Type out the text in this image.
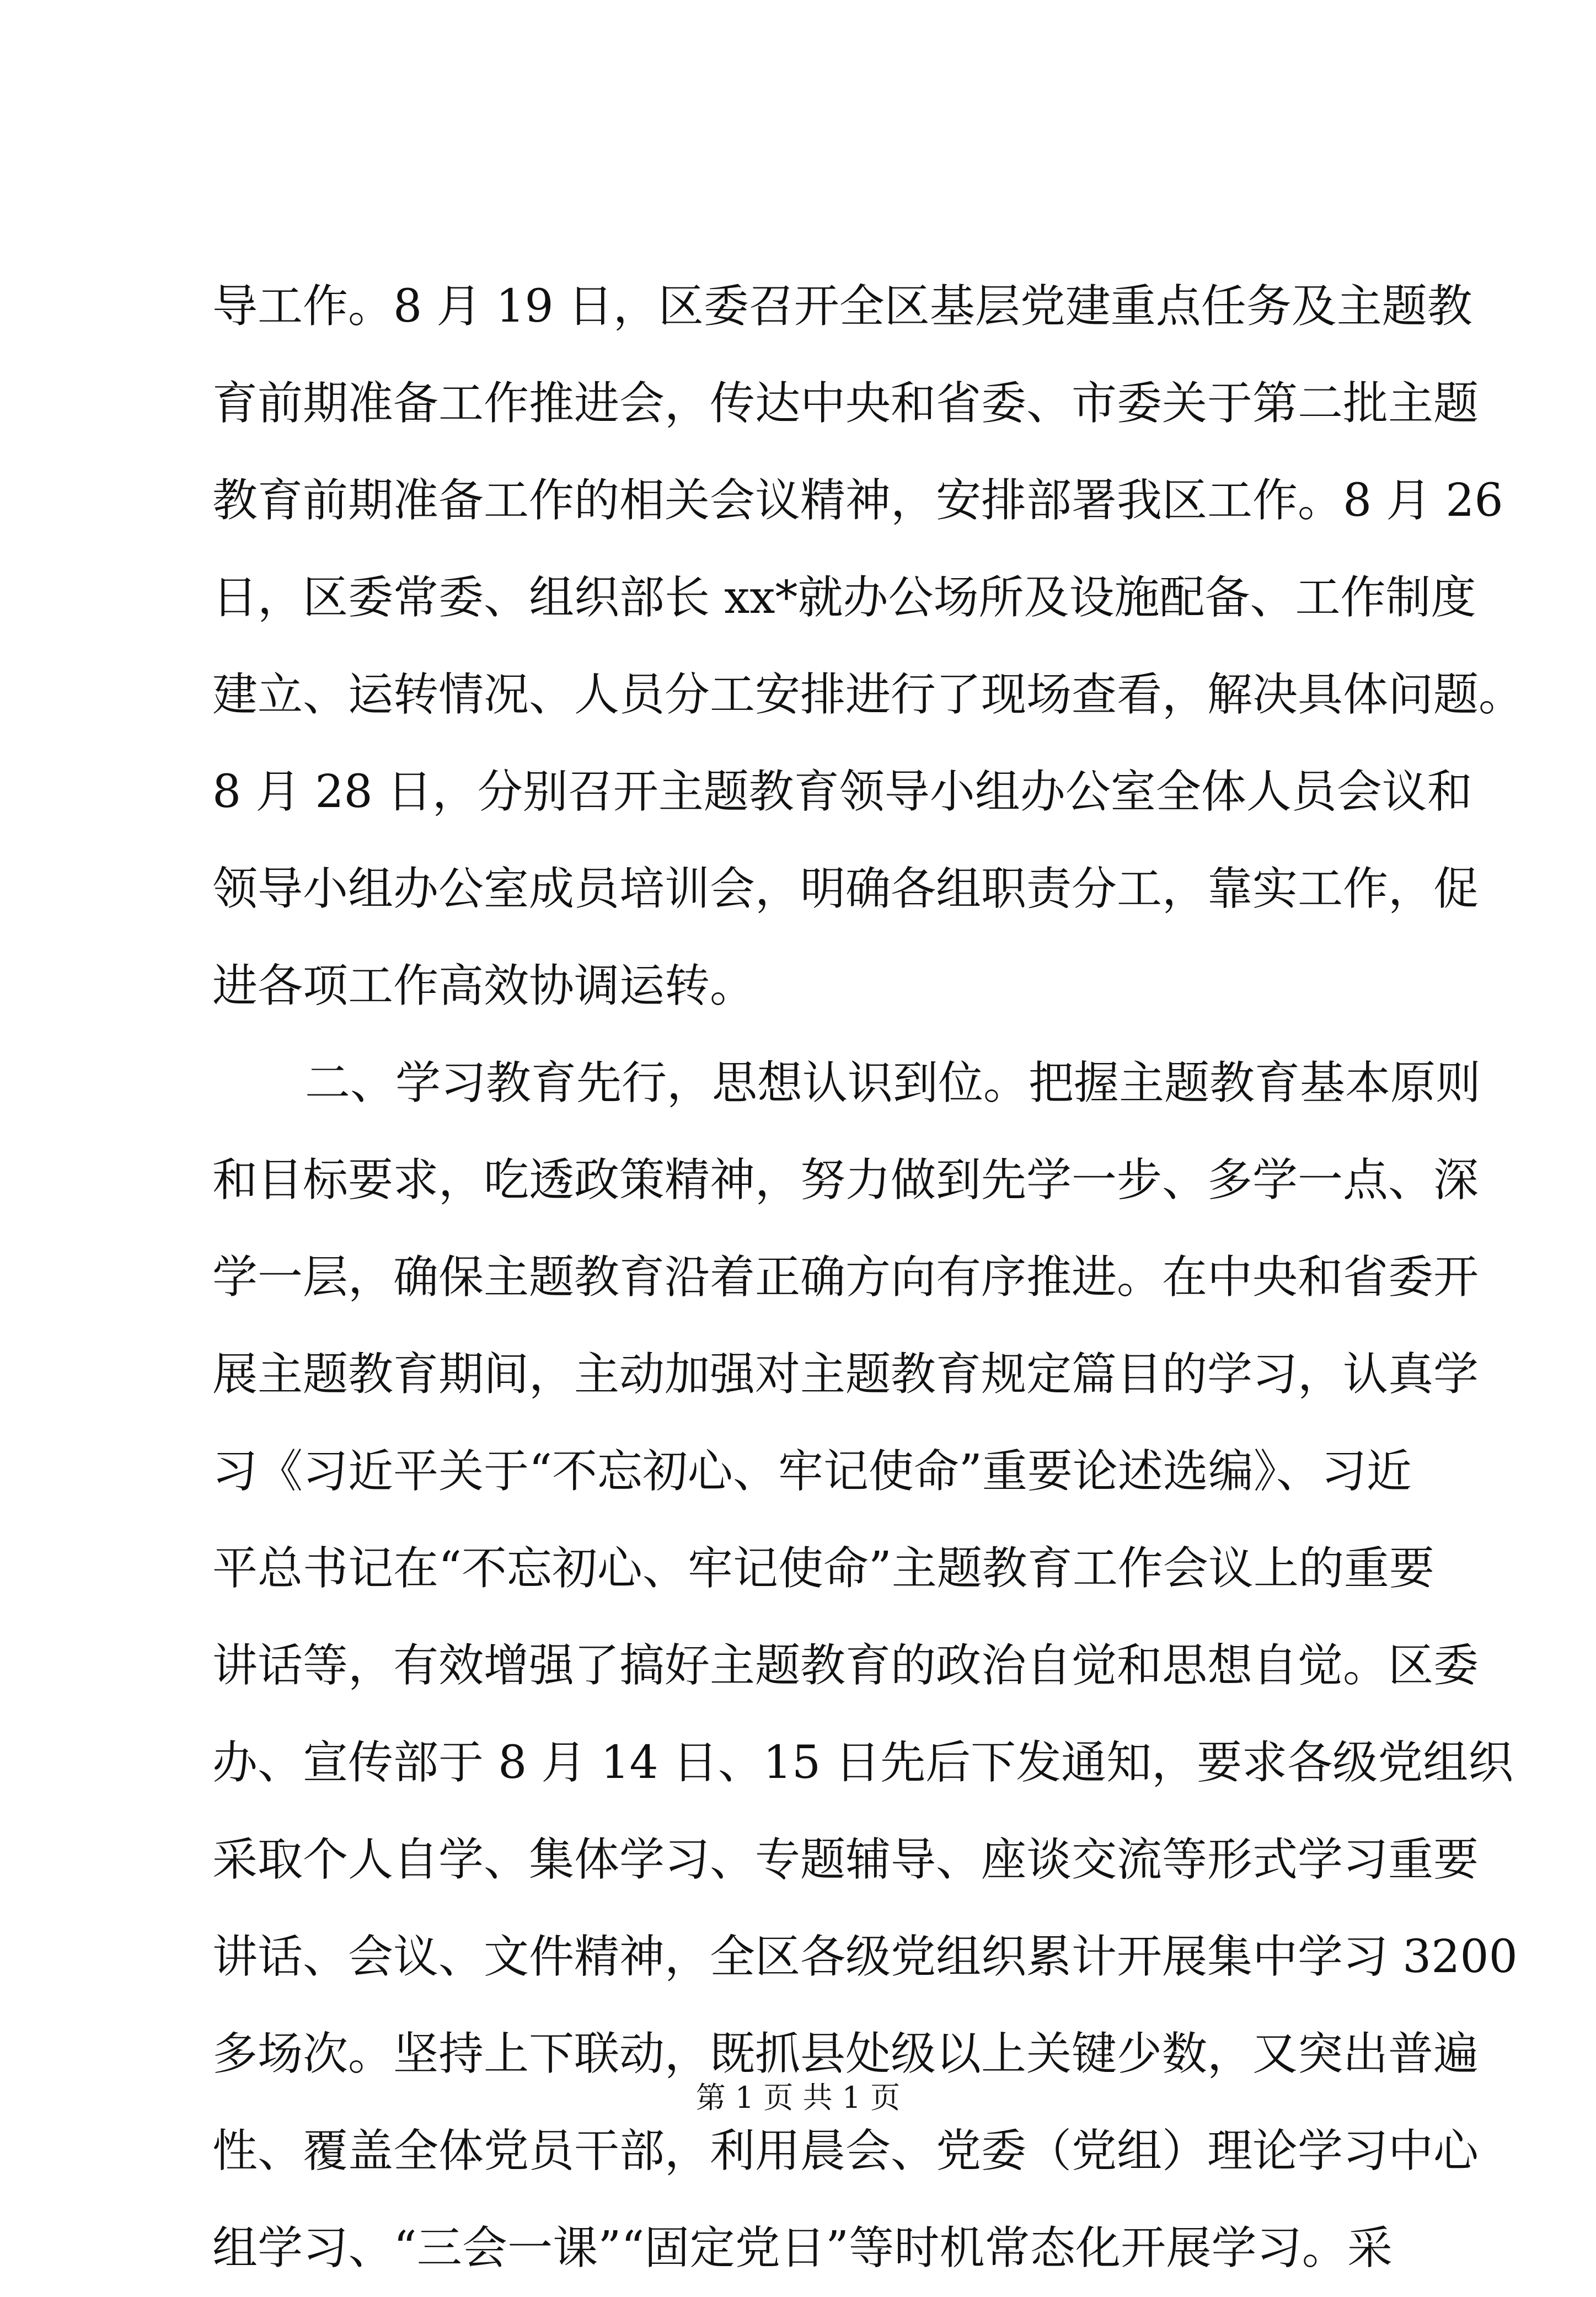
导工作。8 月 19 日，区委召开全区基层党建重点任务及主题教
育前期准备工作推进会，传达中央和省委、市委关于第二批主题
教育前期准备工作的相关会议精神，安排部署我区工作。8 月 26
日，区委常委、组织部长 xx*就办公场所及设施配备、工作制度
建立、运转情况、人员分工安排进行了现场查看，解决具体问题。
8 月 28 日，分别召开主题教育领导小组办公室全体人员会议和
领导小组办公室成员培训会，明确各组职责分工，靠实工作，促
进各项工作高效协调运转。
二、学习教育先行，思想认识到位。把握主题教育基本原则
和目标要求，吃透政策精神，努力做到先学一步、多学一点、深
学一层，确保主题教育沿着正确方向有序推进。在中央和省委开
展主题教育期间，主动加强对主题教育规定篇目的学习，认真学
习《习近平关于“不忘初心、牢记使命”重要论述选编》、习近
平总书记在“不忘初心、牢记使命”主题教育工作会议上的重要
讲话等，有效增强了搞好主题教育的政治自觉和思想自觉。区委
办、宣传部于 8 月 14 日、15 日先后下发通知，要求各级党组织
采取个人自学、集体学习、专题辅导、座谈交流等形式学习重要
讲话、会议、文件精神，全区各级党组织累计开展集中学习 3200
多场次。坚持上下联动，既抓县处级以上关键少数，又突出普遍
性、覆盖全体党员干部，利用晨会、党委（党组）理论学习中心
组学习、“三会一课”“固定党日”等时机常态化开展学习。采
第 1 页 共 1 页
